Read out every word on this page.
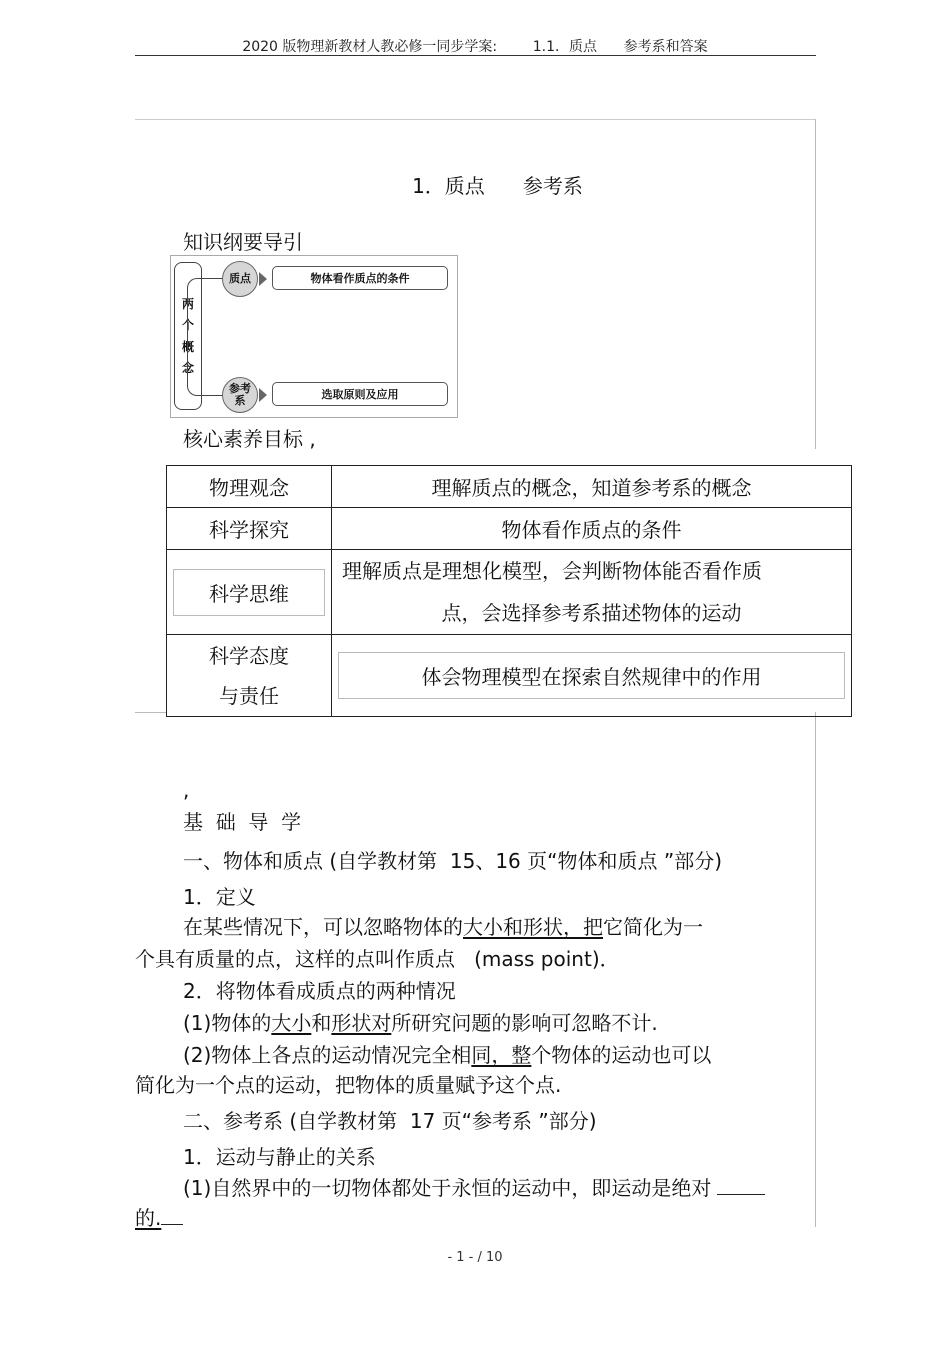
2020 版物理新教材人教必修一同步学案:        1.1．质点      参考系和答案
1．质点      参考系
知识纲要导引
两
个
概
念
质点	物体看作质点的条件
参考
系	选取原则及应用
核心素养目标 ,
物理观念	理解质点的概念，知道参考系的概念
科学探究	物体看作质点的条件

科学思维	理解质点是理想化模型，会判断物体能否看作质
点，会选择参考系描述物体的运动

科学态度
与责任	体会物理模型在探索自然规律中的作用
,
基  础  导  学
一、物体和质点 (自学教材第  15、16 页“物体和质点 ”部分)
1．定义
在某些情况下，可以忽略物体的大小和形状，把它简化为一
个具有质量的点，这样的点叫作质点   (mass point)．
2．将物体看成质点的两种情况
(1)物体的大小和形状对所研究问题的影响可忽略不计.
(2)物体上各点的运动情况完全相同，整个物体的运动也可以
简化为一个点的运动，把物体的质量赋予这个点.
二、参考系 (自学教材第  17 页“参考系 ”部分)
1．运动与静止的关系
(1)自然界中的一切物体都处于永恒的运动中，即运动是绝对
的.
- 1 - / 10
